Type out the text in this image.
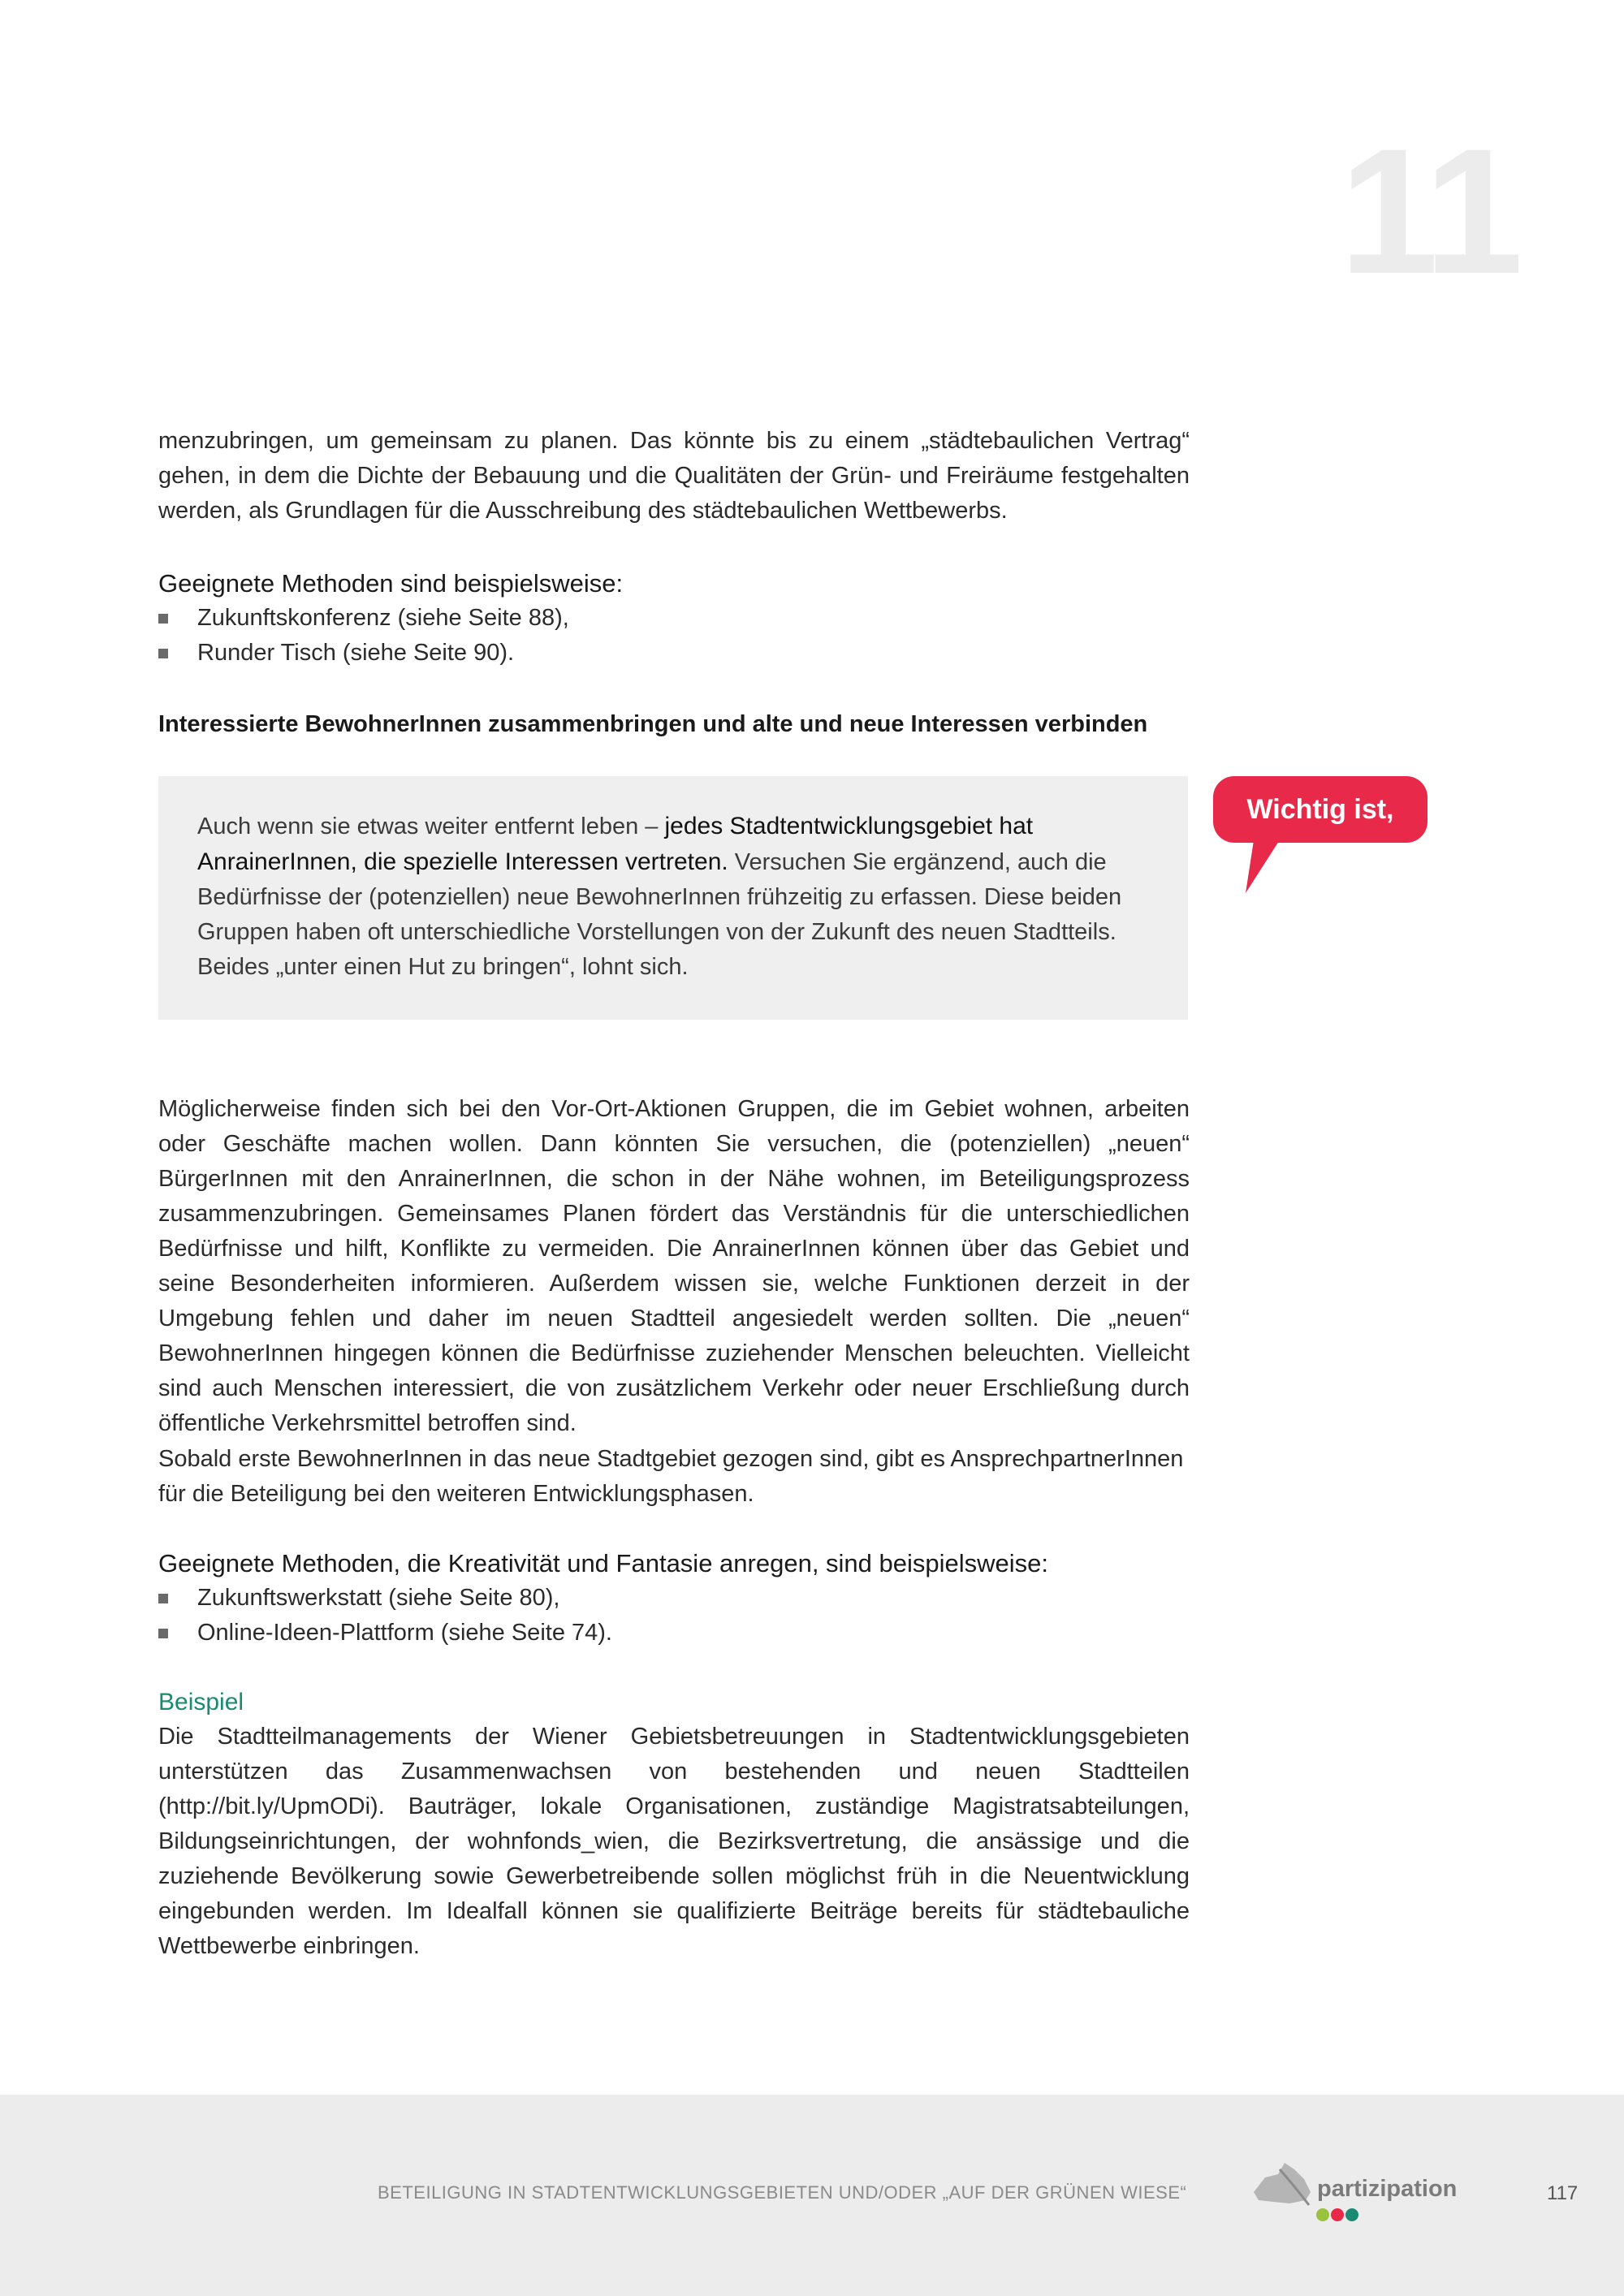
11

menzubringen, um gemeinsam zu planen. Das könnte bis zu einem „städtebaulichen Vertrag“ gehen, in dem die Dichte der Bebauung und die Qualitäten der Grün- und Freiräume festgehalten werden, als Grundlagen für die Ausschreibung des städtebaulichen Wettbewerbs.

Geeignete Methoden sind beispielsweise:

Zukunftskonferenz (siehe Seite 88),
Runder Tisch (siehe Seite 90).

Interessierte BewohnerInnen zusammenbringen und alte und neue Interessen verbinden

Auch wenn sie etwas weiter entfernt leben – jedes Stadtentwicklungsgebiet hat AnrainerInnen, die spezielle Interessen vertreten. Versuchen Sie ergänzend, auch die Bedürfnisse der (potenziellen) neue BewohnerInnen frühzeitig zu erfassen. Diese beiden Gruppen haben oft unterschiedliche Vorstellungen von der Zukunft des neuen Stadtteils. Beides „unter einen Hut zu bringen“, lohnt sich.
Wichtig ist,

Möglicherweise finden sich bei den Vor-Ort-Aktionen Gruppen, die im Gebiet wohnen, arbeiten oder Geschäfte machen wollen. Dann könnten Sie versuchen, die (potenziellen) „neuen“ BürgerInnen mit den AnrainerInnen, die schon in der Nähe wohnen, im Beteiligungsprozess zusammenzubringen. Gemeinsames Planen fördert das Verständnis für die unterschiedlichen Bedürfnisse und hilft, Konflikte zu vermeiden. Die AnrainerInnen können über das Gebiet und seine Besonderheiten informieren. Außerdem wissen sie, welche Funktionen derzeit in der Umgebung fehlen und daher im neuen Stadtteil angesiedelt werden sollten. Die „neuen“ BewohnerInnen hingegen können die Bedürfnisse zuziehender Menschen beleuchten. Vielleicht sind auch Menschen interessiert, die von zusätzlichem Verkehr oder neuer Erschließung durch öffentliche Verkehrsmittel betroffen sind.

Sobald erste BewohnerInnen in das neue Stadtgebiet gezogen sind, gibt es AnsprechpartnerInnen für die Beteiligung bei den weiteren Entwicklungsphasen.

Geeignete Methoden, die Kreativität und Fantasie anregen, sind beispielsweise:

Zukunftswerkstatt (siehe Seite 80),
Online-Ideen-Plattform (siehe Seite 74).

Beispiel

Die Stadtteilmanagements der Wiener Gebietsbetreuungen in Stadtentwicklungsgebieten unterstützen das Zusammenwachsen von bestehenden und neuen Stadtteilen (http://bit.ly/UpmODi). Bauträger, lokale Organisationen, zuständige Magistratsabteilungen, Bildungseinrichtungen, der wohnfonds_wien, die Bezirksvertretung, die ansässige und die zuziehende Bevölkerung sowie Gewerbetreibende sollen möglichst früh in die Neuentwicklung eingebunden werden. Im Idealfall können sie qualifizierte Beiträge bereits für städtebauliche Wettbewerbe einbringen.

BETEILIGUNG IN STADTENTWICKLUNGSGEBIETEN UND/ODER „AUF DER GRÜNEN WIESE“	partizipation	117
